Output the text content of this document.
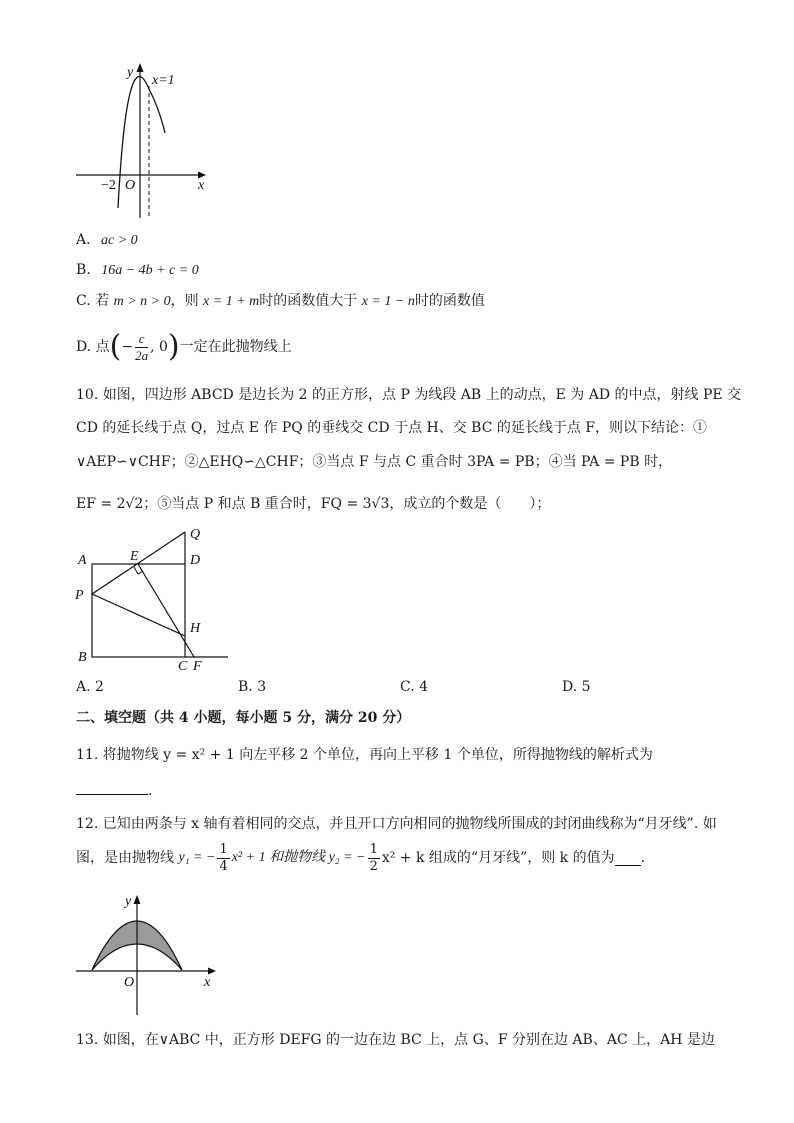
y
x=1
−2 O	x
A. ac > 0
B. 16a − 4b + c = 0
C. 若 m > n > 0，则 x = 1 + m时的函数值大于 x = 1 − n时的函数值
D. 点(− $\frac{c}{2a}$ , 0)一定在此抛物线上
10. 如图，四边形 ABCD 是边长为 2 的正方形，点 P 为线段 AB 上的动点，E 为 AD 的中点，射线 PE 交
CD 的延长线于点 Q，过点 E 作 PQ 的垂线交 CD 于点 H、交 BC 的延长线于点 F，则以下结论：①
∨AEP∽∨CHF；②△EHQ∽△CHF；③当点 F 与点 C 重合时 3PA = PB；④当 PA = PB 时，
EF = 2√2；⑤当点 P 和点 B 重合时，FQ = 3√3，成立的个数是（　　）；
Q
A	E	D
P
H
B
C F
A. 2	B. 3	C. 4	D. 5
二、填空题（共 4 小题，每小题 5 分，满分 20 分）
11. 将抛物线 y = x² + 1 向左平移 2 个单位，再向上平移 1 个单位，所得抛物线的解析式为
.
12. 已知由两条与 x 轴有着相同的交点，并且开口方向相同的抛物线所围成的封闭曲线称为“月牙线”. 如
图，是由抛物线 y₁ = − $\frac{1}{4} x^2 + 1$ 和抛物线 y₂ = − $\frac{1}{2} x^2 + k$ 组成的“月牙线”，则 k 的值为 .
y
O	x
13. 如图，在∨ABC 中，正方形 DEFG 的一边在边 BC 上，点 G、F 分别在边 AB、AC 上，AH 是边
